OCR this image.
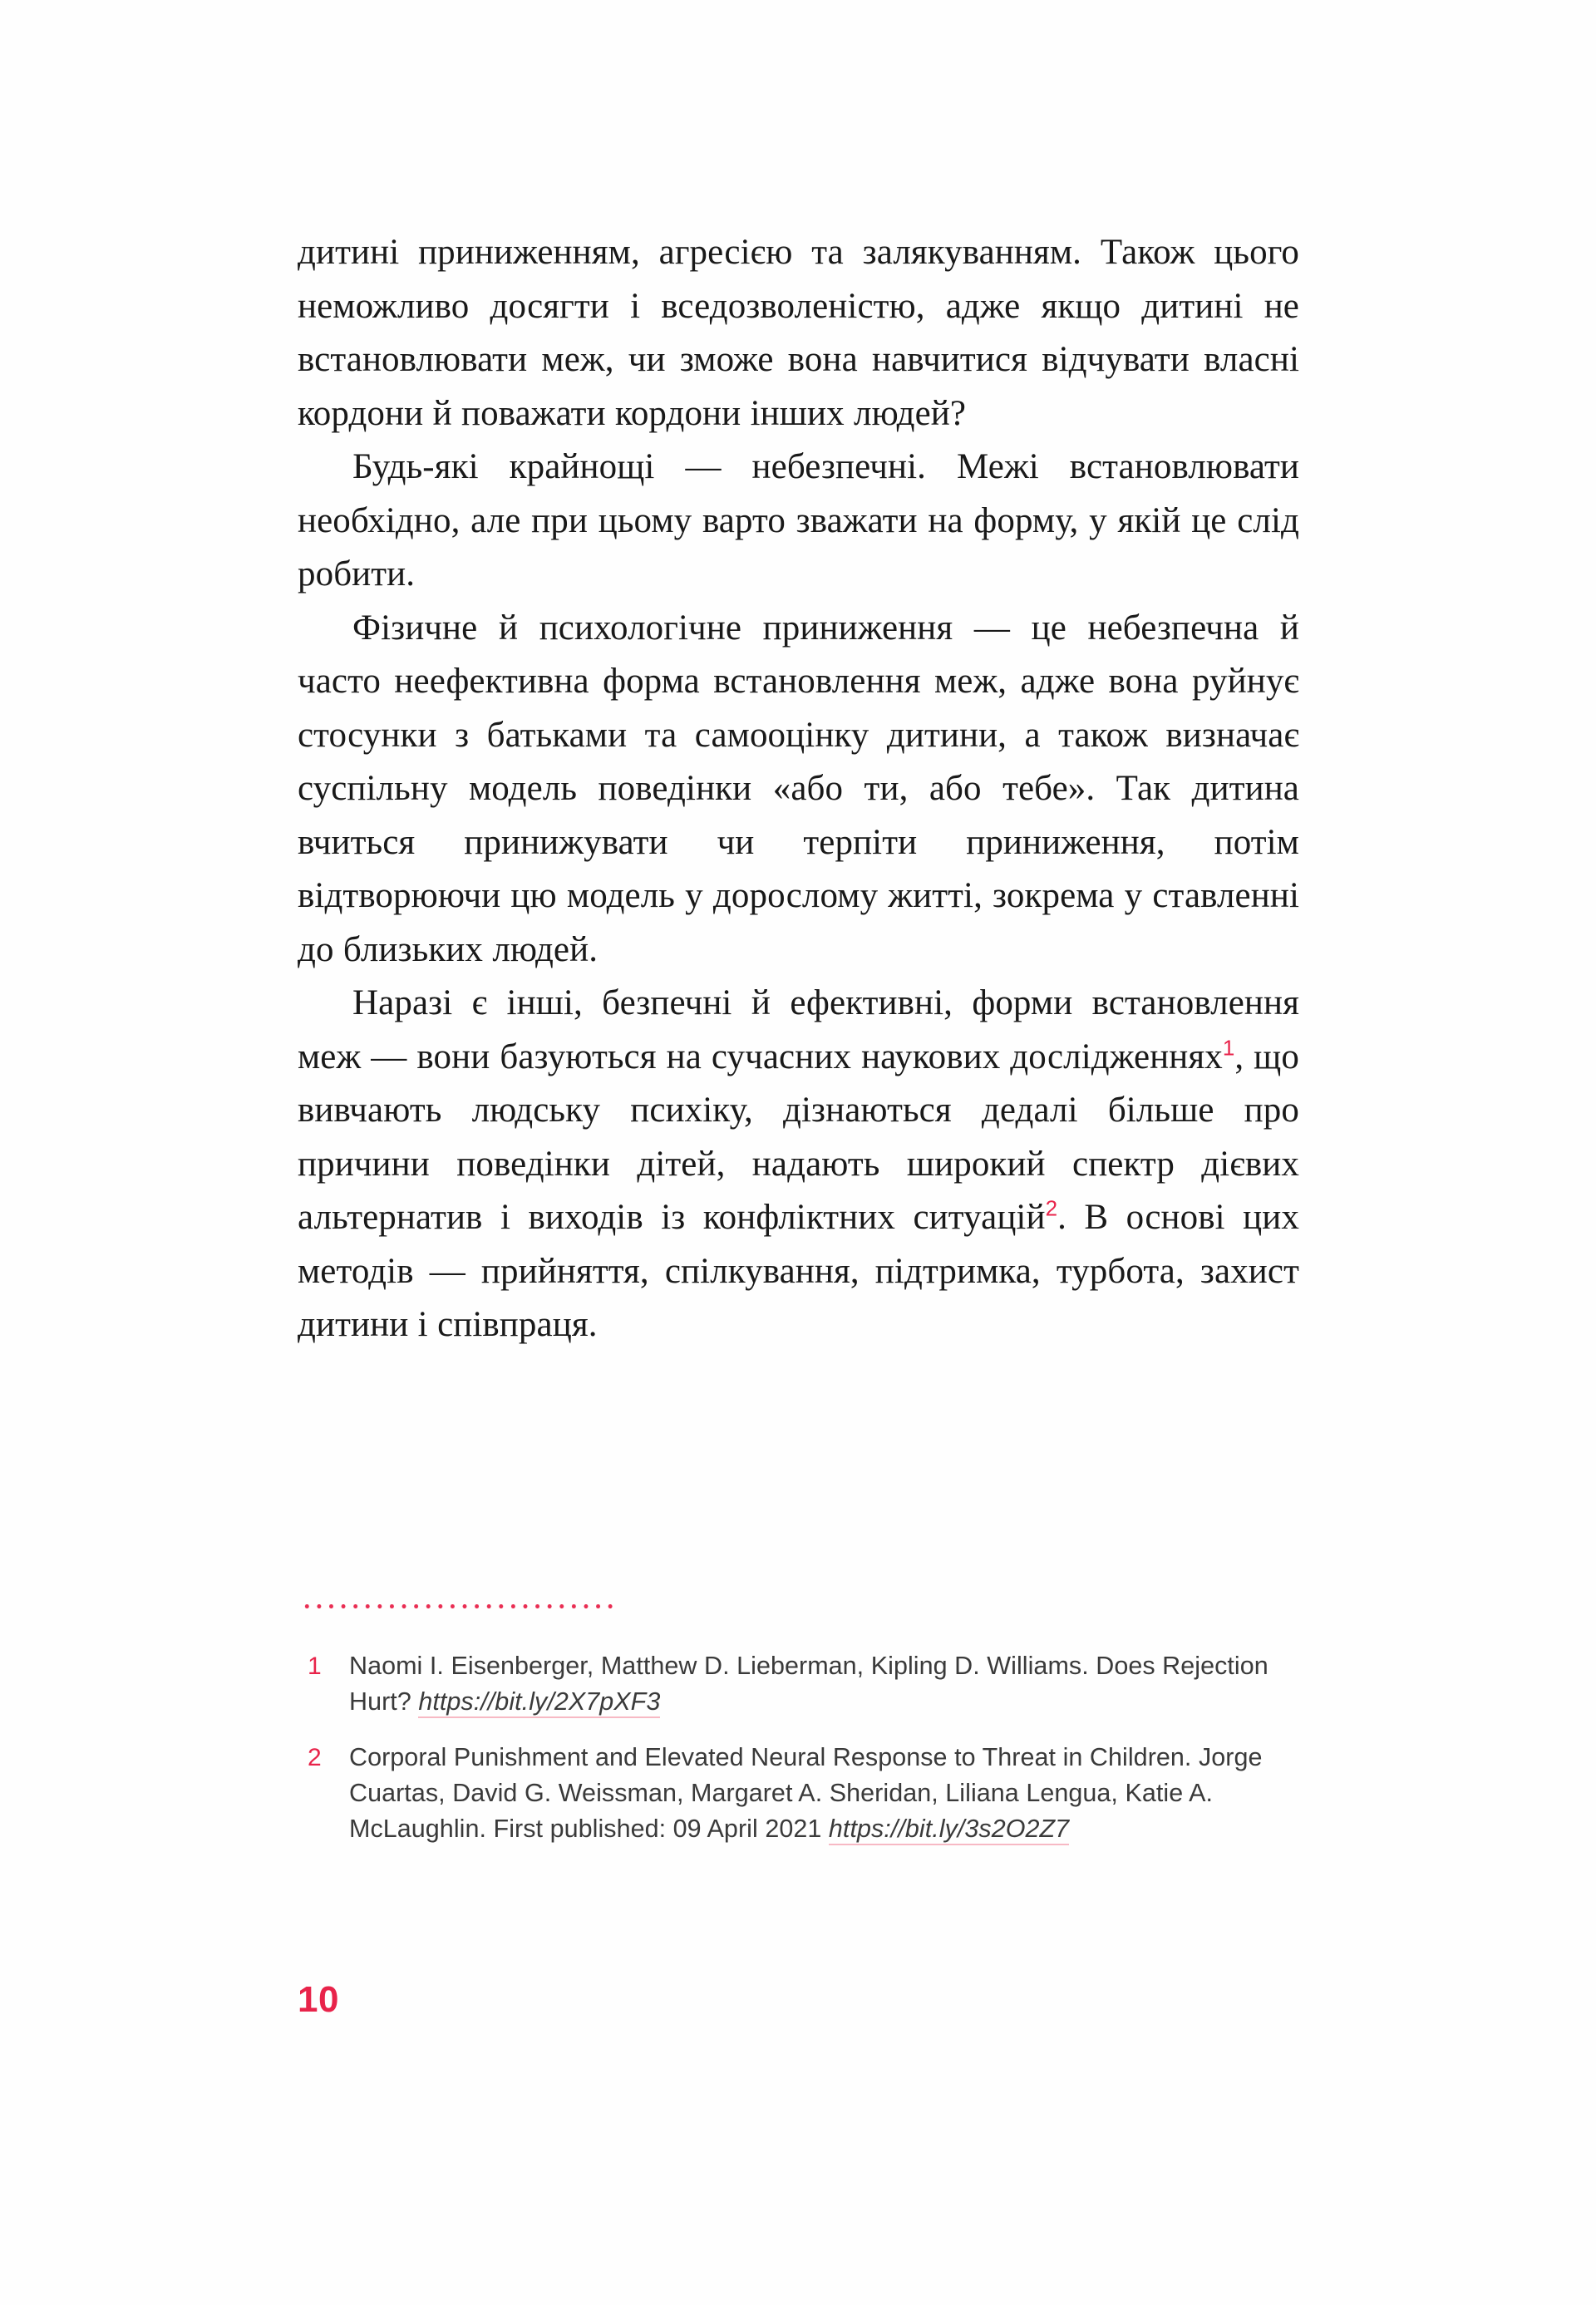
дитині приниженням, агресією та залякуванням. Також цього неможливо досягти і вседозволеністю, адже якщо дитині не встановлювати меж, чи зможе вона навчитися відчувати власні кордони й поважати кордони інших людей?

Будь-які крайнощі — небезпечні. Межі встановлювати необхідно, але при цьому варто зважати на форму, у якій це слід робити.

Фізичне й психологічне приниження — це небезпечна й часто неефективна форма встановлення меж, адже вона руйнує стосунки з батьками та самооцінку дитини, а також визначає суспільну модель поведінки «або ти, або тебе». Так дитина вчиться принижувати чи терпіти приниження, потім відтворюючи цю модель у дорослому житті, зокрема у ставленні до близьких людей.

Наразі є інші, безпечні й ефективні, форми встановлення меж — вони базуються на сучасних наукових дослідженнях$^1$, що вивчають людську психіку, дізнаються дедалі більше про причини поведінки дітей, надають широкий спектр дієвих альтернатив і виходів із конфліктних ситуацій$^2$. В основі цих методів — прийняття, спілкування, підтримка, турбота, захист дитини і співпраця.

1	Naomi I. Eisenberger, Matthew D. Lieberman, Kipling D. Williams. Does Rejection Hurt? https://bit.ly/2X7pXF3
2	Corporal Punishment and Elevated Neural Response to Threat in Children. Jorge Cuartas, David G. Weissman, Margaret A. Sheridan, Liliana Lengua, Katie A. McLaughlin. First published: 09 April 2021 https://bit.ly/3s2O2Z7
10
